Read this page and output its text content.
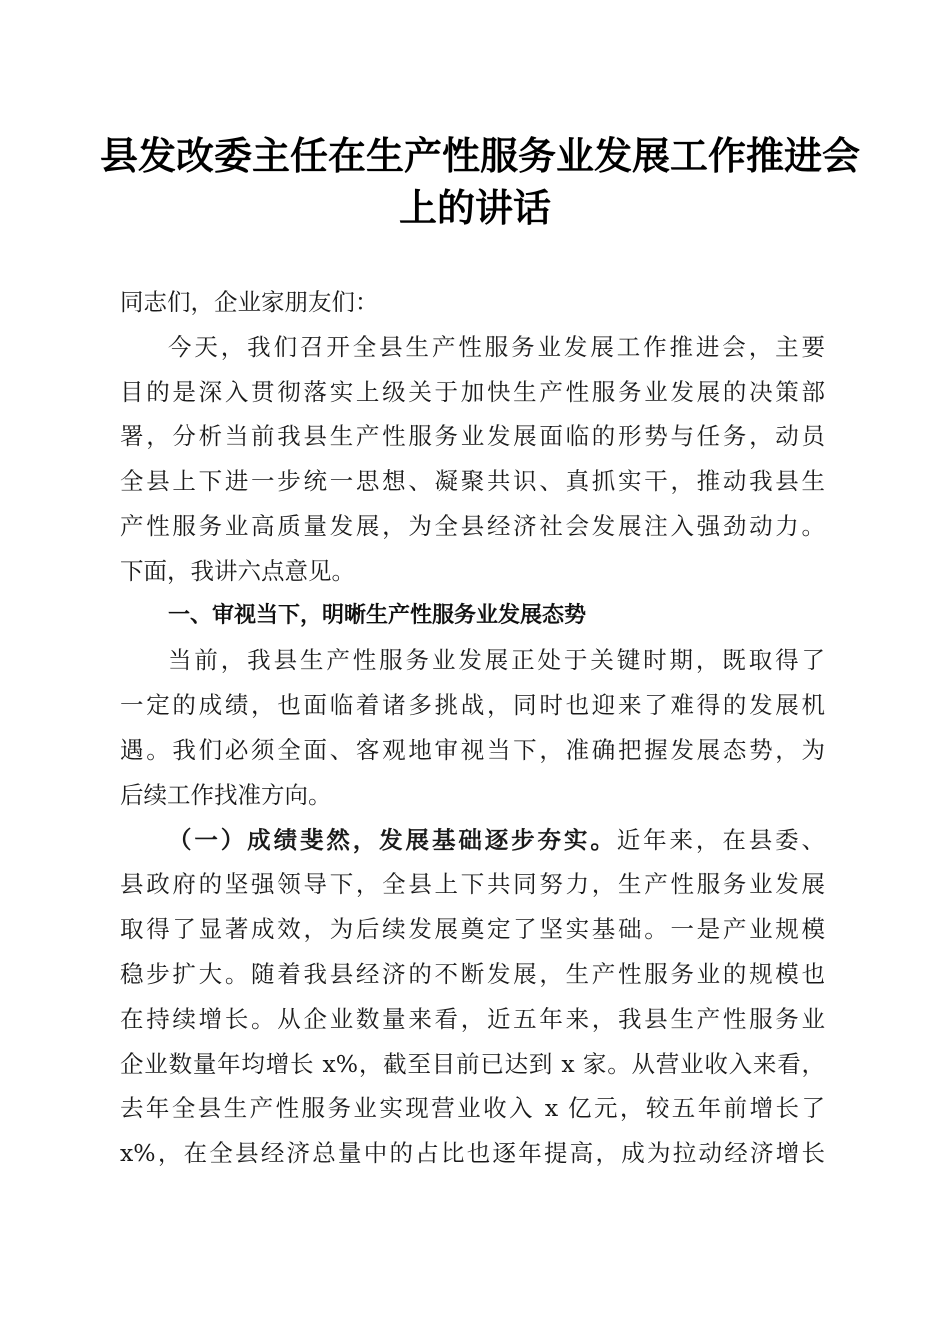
县发改委主任在生产性服务业发展工作推进会
上的讲话
同志们，企业家朋友们：
今天，我们召开全县生产性服务业发展工作推进会，主要
目的是深入贯彻落实上级关于加快生产性服务业发展的决策部
署，分析当前我县生产性服务业发展面临的形势与任务，动员
全县上下进一步统一思想、凝聚共识、真抓实干，推动我县生
产性服务业高质量发展，为全县经济社会发展注入强劲动力。
下面，我讲六点意见。
一、审视当下，明晰生产性服务业发展态势
当前，我县生产性服务业发展正处于关键时期，既取得了
一定的成绩，也面临着诸多挑战，同时也迎来了难得的发展机
遇。我们必须全面、客观地审视当下，准确把握发展态势，为
后续工作找准方向。
（一）成绩斐然，发展基础逐步夯实。近年来，在县委、
县政府的坚强领导下，全县上下共同努力，生产性服务业发展
取得了显著成效，为后续发展奠定了坚实基础。一是产业规模
稳步扩大。随着我县经济的不断发展，生产性服务业的规模也
在持续增长。从企业数量来看，近五年来，我县生产性服务业
企业数量年均增长 x%，截至目前已达到 x 家。从营业收入来看，
去年全县生产性服务业实现营业收入 x 亿元，较五年前增长了
x%，在全县经济总量中的占比也逐年提高，成为拉动经济增长
